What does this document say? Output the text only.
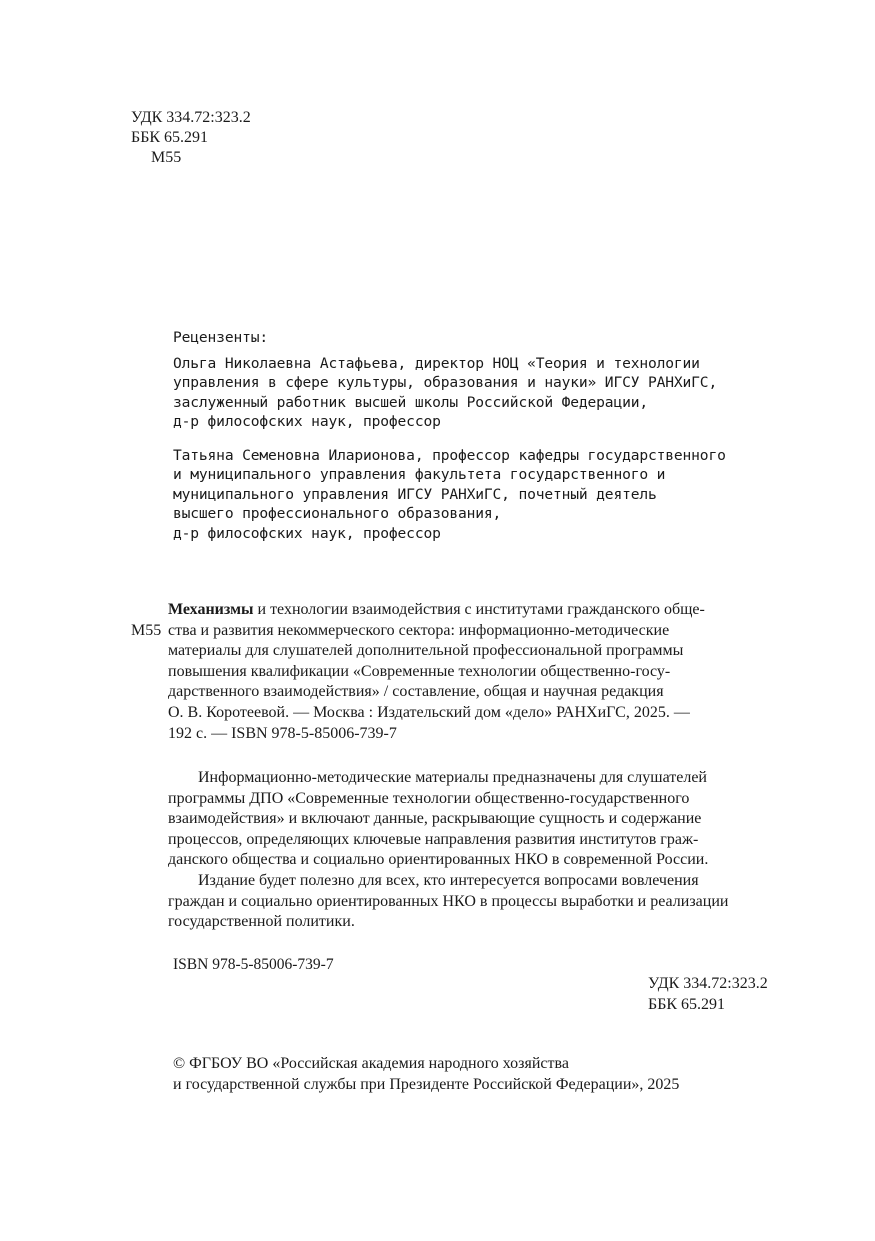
УДК 334.72:323.2
ББК 65.291
М55
Рецензенты:
Ольга Николаевна Астафьева, директор НОЦ «Теория и технологии
управления в сфере культуры, образования и науки» ИГСУ РАНХиГС,
заслуженный работник высшей школы Российской Федерации,
д-р философских наук, профессор
Татьяна Семеновна Иларионова, профессор кафедры государственного
и муниципального управления факультета государственного и
муниципального управления ИГСУ РАНХиГС, почетный деятель
высшего профессионального образования,
д-р философских наук, профессор
Механизмы и технологии взаимодействия с институтами гражданского обще-
М55 ства и развития некоммерческого сектора: информационно-методические
материалы для слушателей дополнительной профессиональной программы
повышения квалификации «Современные технологии общественно-госу-
дарственного взаимодействия» / составление, общая и научная редакция
О. В. Коротеевой. — Москва : Издательский дом «дело» РАНХиГС, 2025. —
192 с. — ISBN 978-5-85006-739-7
Информационно-методические материалы предназначены для слушателей
программы ДПО «Современные технологии общественно-государственного
взаимодействия» и включают данные, раскрывающие сущность и содержание
процессов, определяющих ключевые направления развития институтов граж-
данского общества и социально ориентированных НКО в современной России.
Издание будет полезно для всех, кто интересуется вопросами вовлечения
граждан и социально ориентированных НКО в процессы выработки и реализации
государственной политики.
ISBN 978-5-85006-739-7
УДК 334.72:323.2
ББК 65.291
© ФГБОУ ВО «Российская академия народного хозяйства
и государственной службы при Президенте Российской Федерации», 2025
